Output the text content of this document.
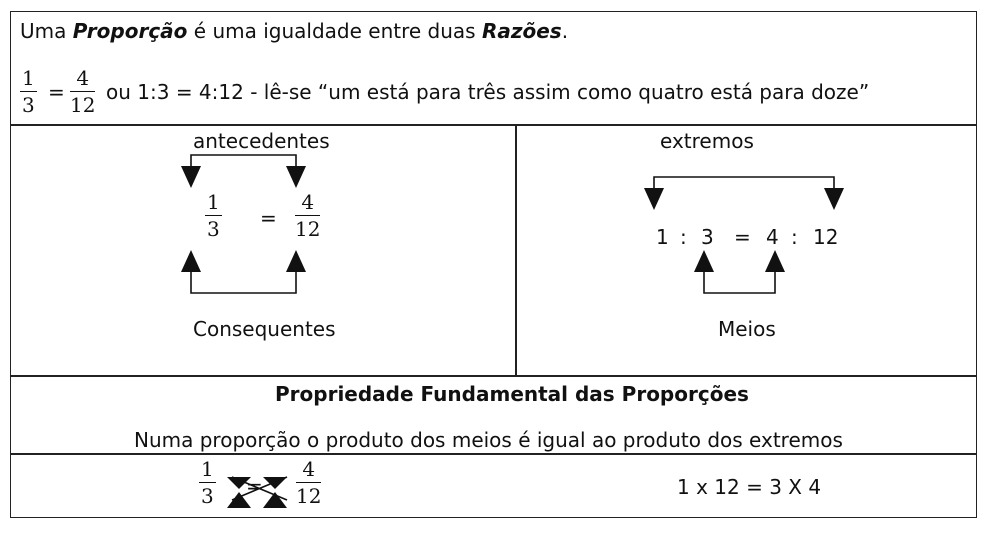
Uma Proporção é uma igualdade entre duas Razões.
$\frac{1}{3} = \frac{4}{12}$ ou 1:3 = 4:12 - lê-se “um está para três assim como quatro está para doze”
antecedentes
$\frac{1}{3} = \frac{4}{12}$
Consequentes
extremos
1 : 3 = 4 : 12
Meios
Propriedade Fundamental das Proporções
Numa proporção o produto dos meios é igual ao produto dos extremos
$\frac{1}{3} = \frac{4}{12}$	1 x 12 = 3 X 4
